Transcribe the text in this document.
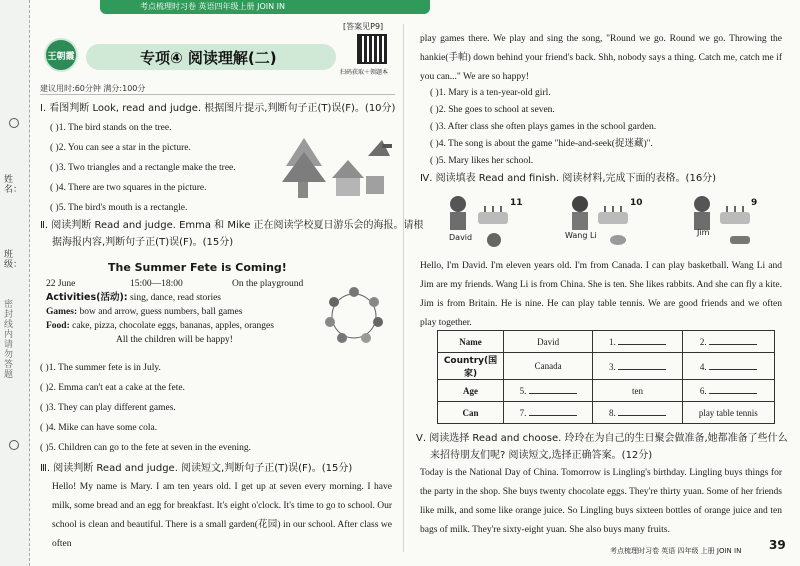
姓名：
班级：
密封线内请勿答题
考点梳理时习卷 英语四年级上册 JOIN IN
[答案见P9]
王朝霞	专项④ 阅读理解(二)
扫码获取＋领题本
建议用时:60分钟 满分:100分
Ⅰ. 看图判断 Look, read and judge. 根据图片提示,判断句子正(T)误(F)。(10分)
( )1. The bird stands on the tree.
( )2. You can see a star in the picture.
( )3. Two triangles and a rectangle make the tree.
( )4. There are two squares in the picture.
( )5. The bird's mouth is a rectangle.
Ⅱ. 阅读判断 Read and judge. Emma 和 Mike 正在阅读学校夏日游乐会的海报。请根
据海报内容,判断句子正(T)误(F)。(15分)
The Summer Fete is Coming!
22 June	15:00—18:00	On the playground
Activities(活动): sing, dance, read stories
Games: bow and arrow, guess numbers, ball games
Food: cake, pizza, chocolate eggs, bananas, apples, oranges
All the children will be happy!
( )1. The summer fete is in July.
( )2. Emma can't eat a cake at the fete.
( )3. They can play different games.
( )4. Mike can have some cola.
( )5. Children can go to the fete at seven in the evening.
Ⅲ. 阅读判断 Read and judge. 阅读短文,判断句子正(T)误(F)。(15分)
Hello! My name is Mary. I am ten years old. I get up at seven every morning. I have milk, some bread and an egg for breakfast. It's eight o'clock. It's time to go to school. Our school is clean and beautiful. There is a small garden(花园) in our school. After class we often
play games there. We play and sing the song, "Round we go. Round we go. Throwing the hankie(手帕) down behind your friend's back. Shh, nobody says a thing. Catch me, catch me if you can..." We are so happy!
( )1. Mary is a ten-year-old girl.
( )2. She goes to school at seven.
( )3. After class she often plays games in the school garden.
( )4. The song is about the game "hide-and-seek(捉迷藏)".
( )5. Mary likes her school.
Ⅳ. 阅读填表 Read and finish. 阅读材料,完成下面的表格。(16分)
David	Wang Li	Jim
11	10	9
Hello, I'm David. I'm eleven years old. I'm from Canada. I can play basketball. Wang Li and Jim are my friends. Wang Li is from China. She is ten. She likes rabbits. And she can fly a kite. Jim is from Britain. He is nine. He can play table tennis. We are good friends and we often play together.
Name	David	1.	2.
Country(国家)	Canada	3.	4.
Age	5.	ten	6.
Can	7.	8.	play table tennis
Ⅴ. 阅读选择 Read and choose. 玲玲在为自己的生日聚会做准备,她都准备了些什么
来招待朋友们呢? 阅读短文,选择正确答案。(12分)
Today is the National Day of China. Tomorrow is Lingling's birthday. Lingling buys things for the party in the shop. She buys twenty chocolate eggs. They're thirty yuan. Some of her friends like milk, and some like orange juice. So Lingling buys sixteen bottles of orange juice and ten bags of milk. They're sixty-eight yuan. She also buys many fruits.
考点梳理时习卷 英语 四年级 上册 JOIN IN 39
